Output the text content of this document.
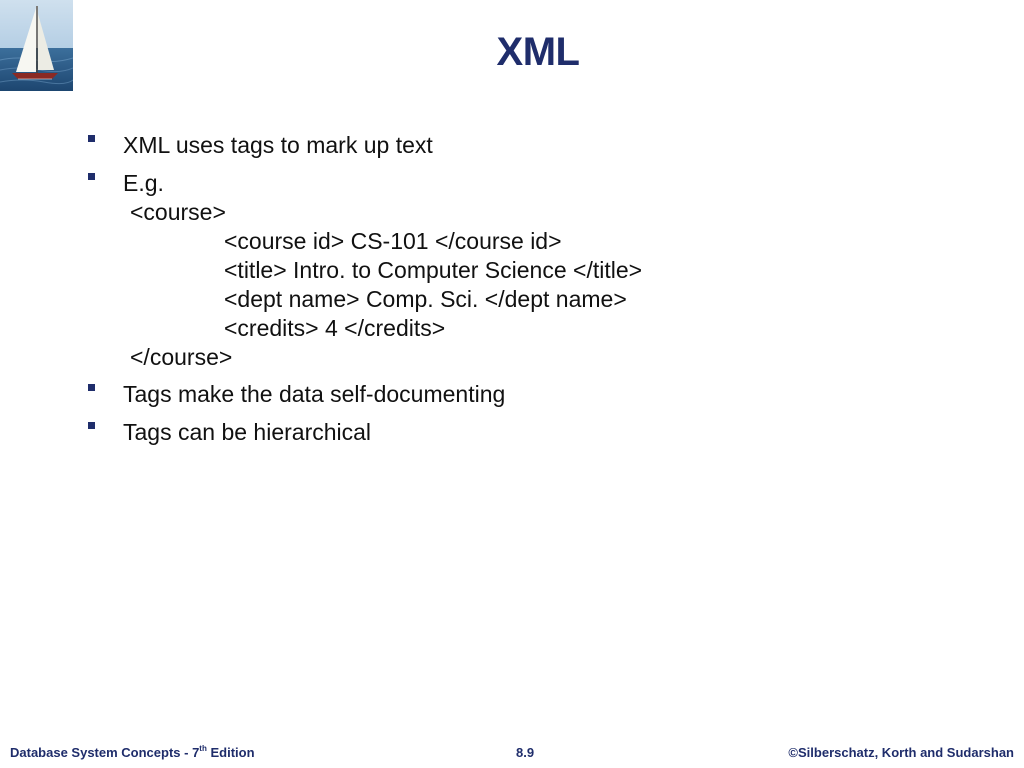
XML
XML uses tags to mark up text
E.g.
<course>
<course id> CS-101 </course id>
<title> Intro. to Computer Science </title>
<dept name> Comp. Sci. </dept name>
<credits> 4 </credits>
</course>
Tags make the data self-documenting
Tags can be hierarchical
Database System Concepts - 7th Edition	8.9	©Silberschatz, Korth and Sudarshan
